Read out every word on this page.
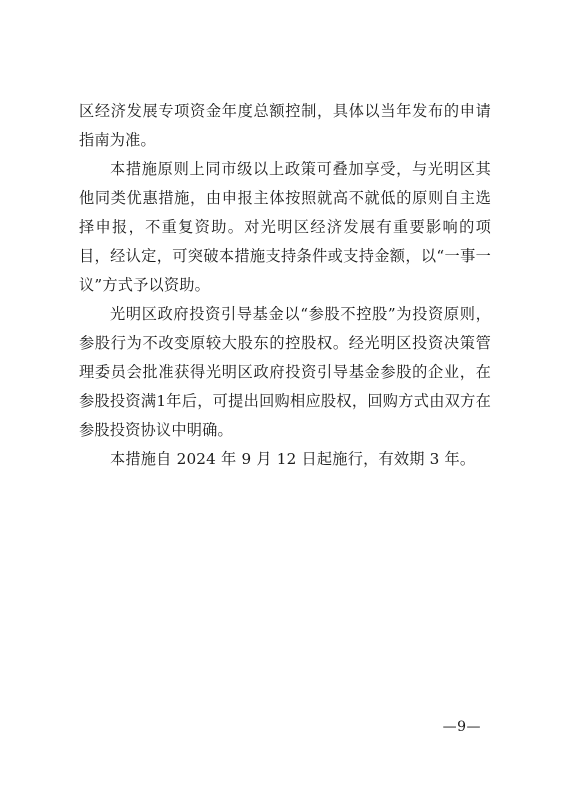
区经济发展专项资金年度总额控制，具体以当年发布的申请指南为准。

本措施原则上同市级以上政策可叠加享受，与光明区其他同类优惠措施，由申报主体按照就高不就低的原则自主选择申报，不重复资助。对光明区经济发展有重要影响的项目，经认定，可突破本措施支持条件或支持金额，以“一事一议”方式予以资助。

光明区政府投资引导基金以“参股不控股”为投资原则，参股行为不改变原较大股东的控股权。经光明区投资决策管理委员会批准获得光明区政府投资引导基金参股的企业，在参股投资满1年后，可提出回购相应股权，回购方式由双方在参股投资协议中明确。

本措施自 2024 年 9 月 12 日起施行，有效期 3 年。

—9—
